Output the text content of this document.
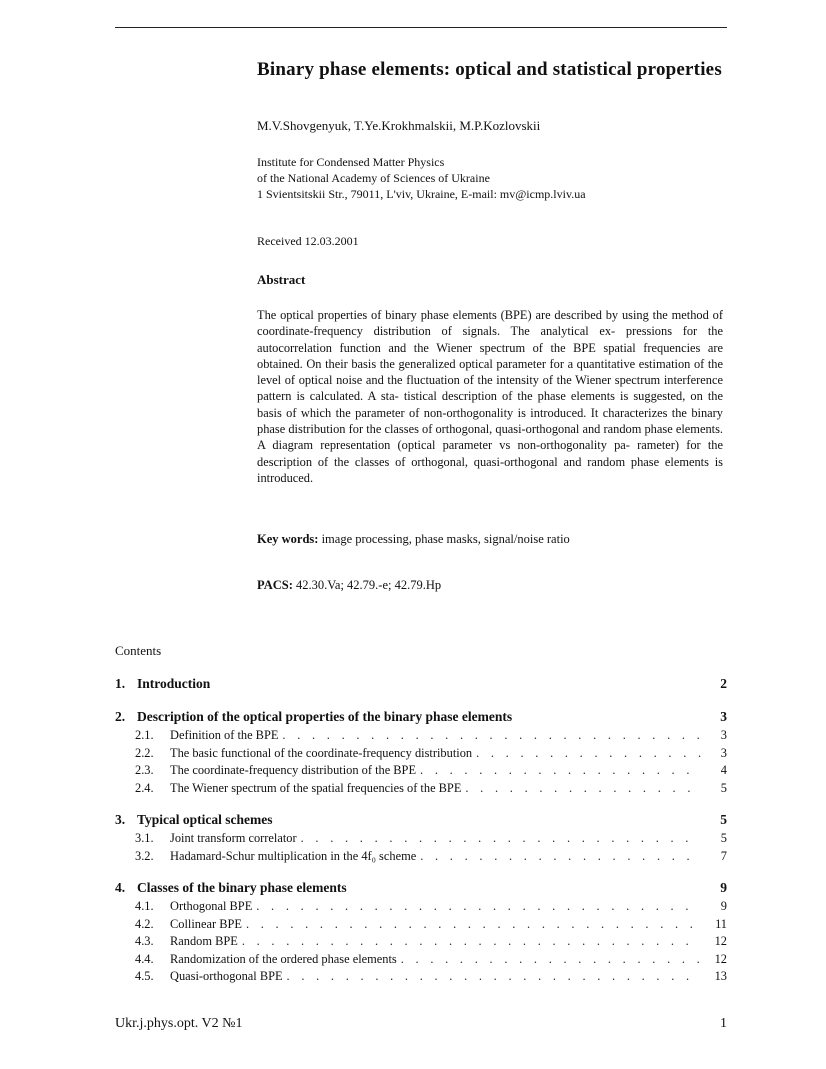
Binary phase elements: optical and statistical properties
M.V.Shovgenyuk, T.Ye.Krokhmalskii, M.P.Kozlovskii
Institute for Condensed Matter Physics
of the National Academy of Sciences of Ukraine
1 Svientsitskii Str., 79011, L'viv, Ukraine, E-mail: mv@icmp.lviv.ua
Received 12.03.2001
Abstract

The optical properties of binary phase elements (BPE) are described by using the method of coordinate-frequency distribution of signals. The analytical ex- pressions for the autocorrelation function and the Wiener spectrum of the BPE spatial frequencies are obtained. On their basis the generalized optical parameter for a quantitative estimation of the level of optical noise and the fluctuation of the intensity of the Wiener spectrum interference pattern is calculated. A sta- tistical description of the phase elements is suggested, on the basis of which the parameter of non-orthogonality is introduced. It characterizes the binary phase distribution for the classes of orthogonal, quasi-orthogonal and random phase elements. A diagram representation (optical parameter vs non-orthogonality pa- rameter) for the description of the classes of orthogonal, quasi-orthogonal and random phase elements is introduced.

Key words: image processing, phase masks, signal/noise ratio
PACS: 42.30.Va; 42.79.-e; 42.79.Hp
Contents
1. Introduction	2
2. Description of the optical properties of the binary phase elements	3
2.1.	Definition of the BPE . . .	3
2.2.	The basic functional of the coordinate-frequency distribution . . .	3
2.3.	The coordinate-frequency distribution of the BPE . . .	4
2.4.	The Wiener spectrum of the spatial frequencies of the BPE . . .	5
3. Typical optical schemes	5
3.1.	Joint transform correlator . . .	5
3.2.	Hadamard-Schur multiplication in the 4f₀ scheme . . .	7
4. Classes of the binary phase elements	9
4.1.	Orthogonal BPE . . .	9
4.2.	Collinear BPE . . .	11
4.3.	Random BPE . . .	12
4.4.	Randomization of the ordered phase elements . . .	12
4.5.	Quasi-orthogonal BPE . . .	13
Ukr.j.phys.opt. V2 №1	1
